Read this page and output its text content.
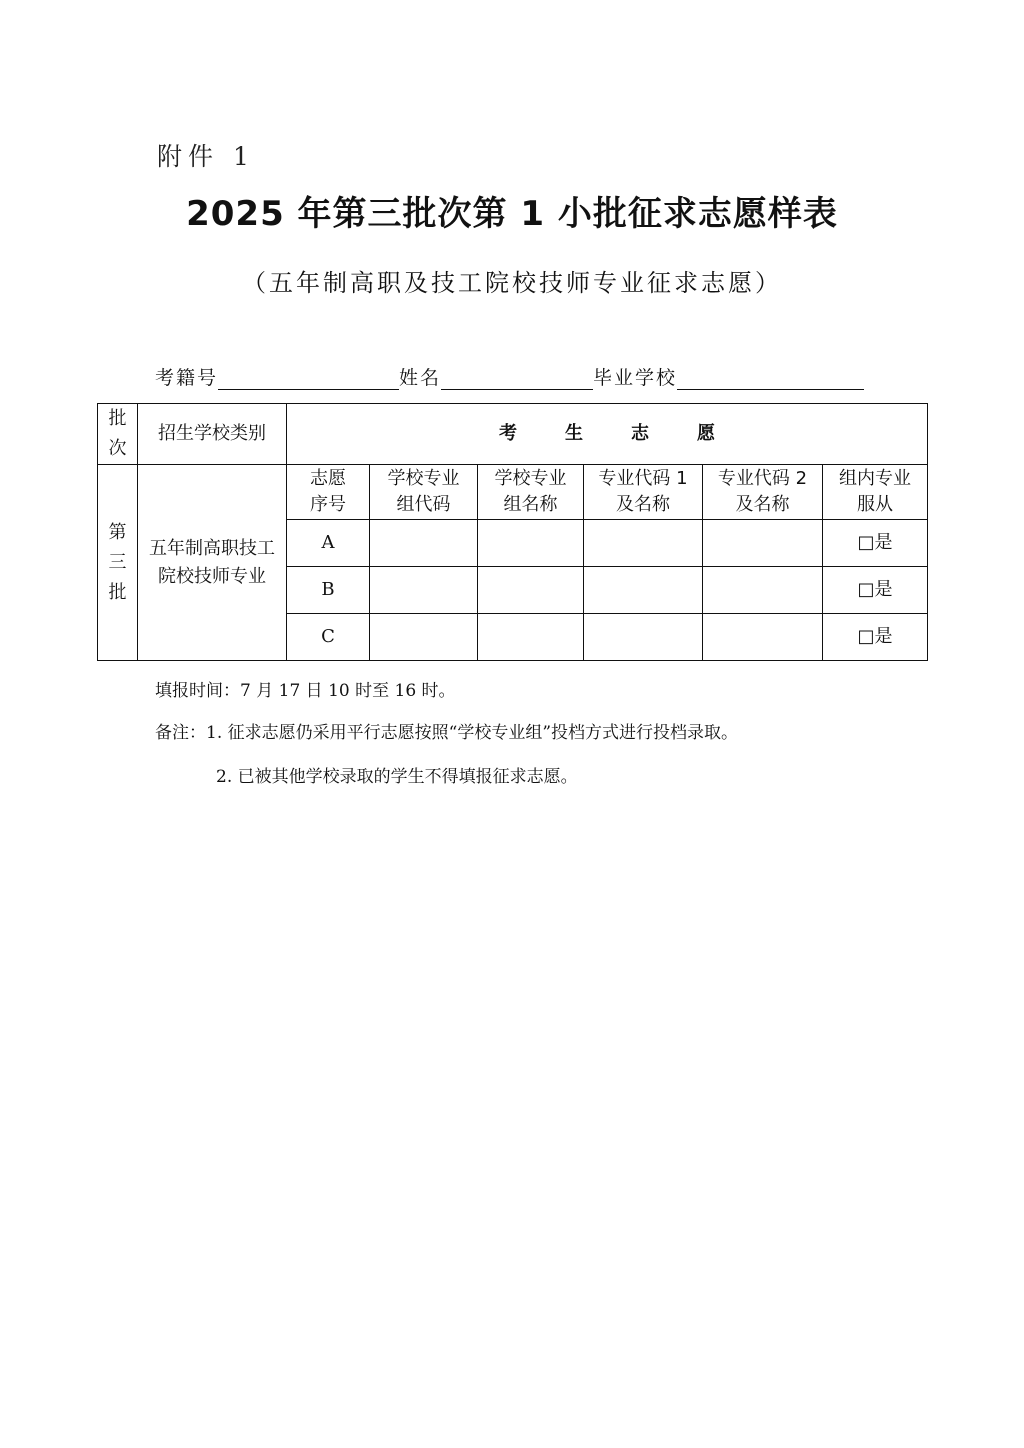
附件 1
2025 年第三批次第 1 小批征求志愿样表
（五年制高职及技工院校技师专业征求志愿）
考籍号	姓名	毕业学校
批次	招生学校类别	考生志愿					
第三批	五年制高职技工院校技师专业	志愿序号	学校专业组代码	学校专业组名称	专业代码 1 及名称	专业代码 2 及名称	组内专业服从

		A					□是
		B					□是
		C					□是
填报时间：7 月 17 日 10 时至 16 时。
备注：1. 征求志愿仍采用平行志愿按照“学校专业组”投档方式进行投档录取。
2. 已被其他学校录取的学生不得填报征求志愿。
